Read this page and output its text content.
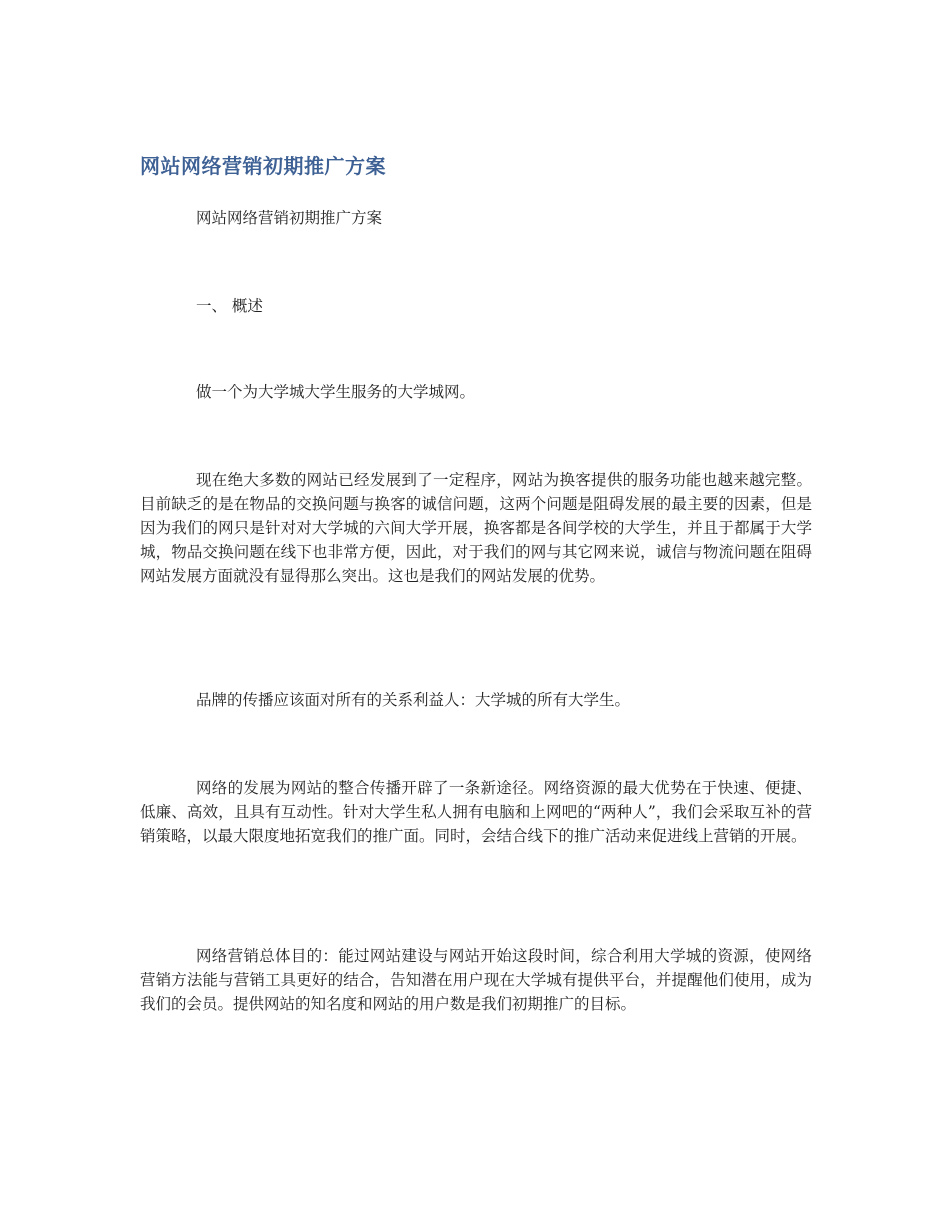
网站网络营销初期推广方案

网站网络营销初期推广方案

一、 概述

做一个为大学城大学生服务的大学城网。

现在绝大多数的网站已经发展到了一定程序，网站为换客提供的服务功能也越来越完整。目前缺乏的是在物品的交换问题与换客的诚信问题，这两个问题是阻碍发展的最主要的因素，但是因为我们的网只是针对对大学城的六间大学开展，换客都是各间学校的大学生，并且于都属于大学城，物品交换问题在线下也非常方便，因此，对于我们的网与其它网来说，诚信与物流问题在阻碍网站发展方面就没有显得那么突出。这也是我们的网站发展的优势。

品牌的传播应该面对所有的关系利益人：大学城的所有大学生。

网络的发展为网站的整合传播开辟了一条新途径。网络资源的最大优势在于快速、便捷、低廉、高效，且具有互动性。针对大学生私人拥有电脑和上网吧的“两种人”，我们会采取互补的营销策略，以最大限度地拓宽我们的推广面。同时，会结合线下的推广活动来促进线上营销的开展。

网络营销总体目的：能过网站建设与网站开始这段时间，综合利用大学城的资源，使网络营销方法能与营销工具更好的结合，告知潜在用户现在大学城有提供平台，并提醒他们使用，成为我们的会员。提供网站的知名度和网站的用户数是我们初期推广的目标。
